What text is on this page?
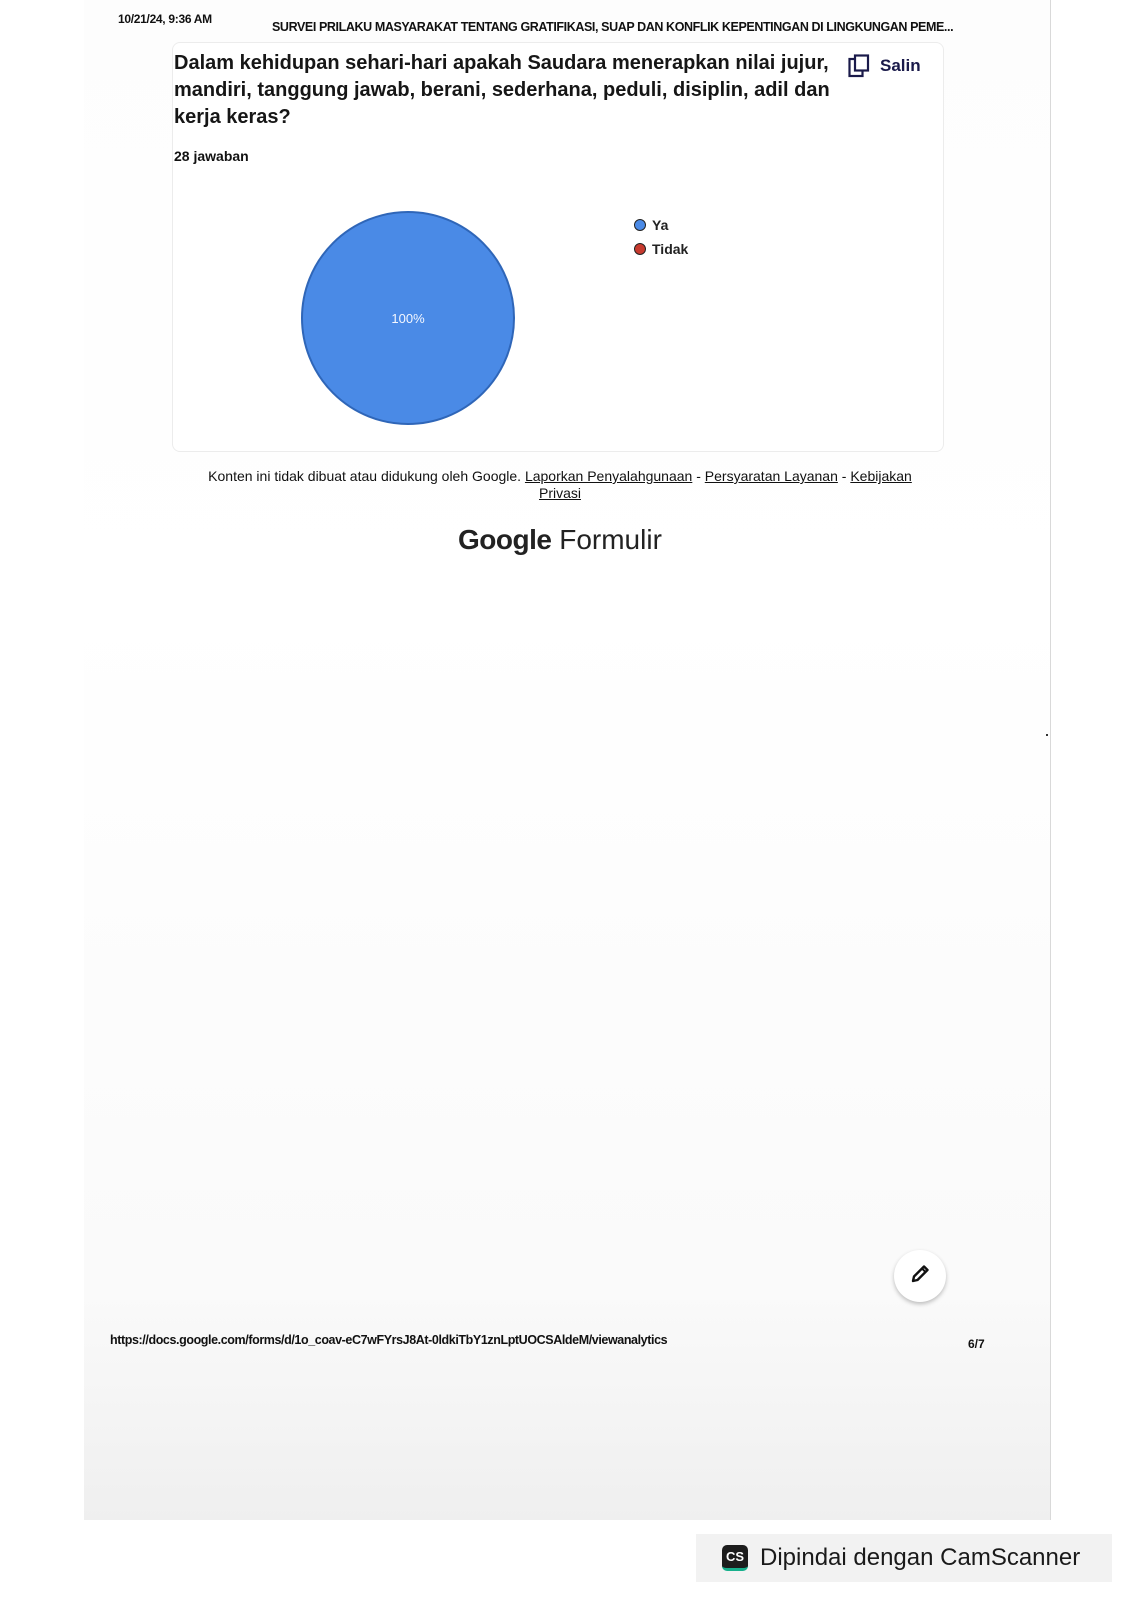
10/21/24, 9:36 AM
SURVEI PRILAKU MASYARAKAT TENTANG GRATIFIKASI, SUAP DAN KONFLIK KEPENTINGAN DI LINGKUNGAN PEME...
Dalam kehidupan sehari-hari apakah Saudara menerapkan nilai jujur, mandiri, tanggung jawab, berani, sederhana, peduli, disiplin, adil dan kerja keras?
Salin
28 jawaban
100%
Ya
Tidak
Konten ini tidak dibuat atau didukung oleh Google. Laporkan Penyalahgunaan - Persyaratan Layanan - Kebijakan Privasi
Google Formulir
https://docs.google.com/forms/d/1o_coav-eC7wFYrsJ8At-0ldkiTbY1znLptUOCSAldeM/viewanalytics	6/7
CS Dipindai dengan CamScanner
